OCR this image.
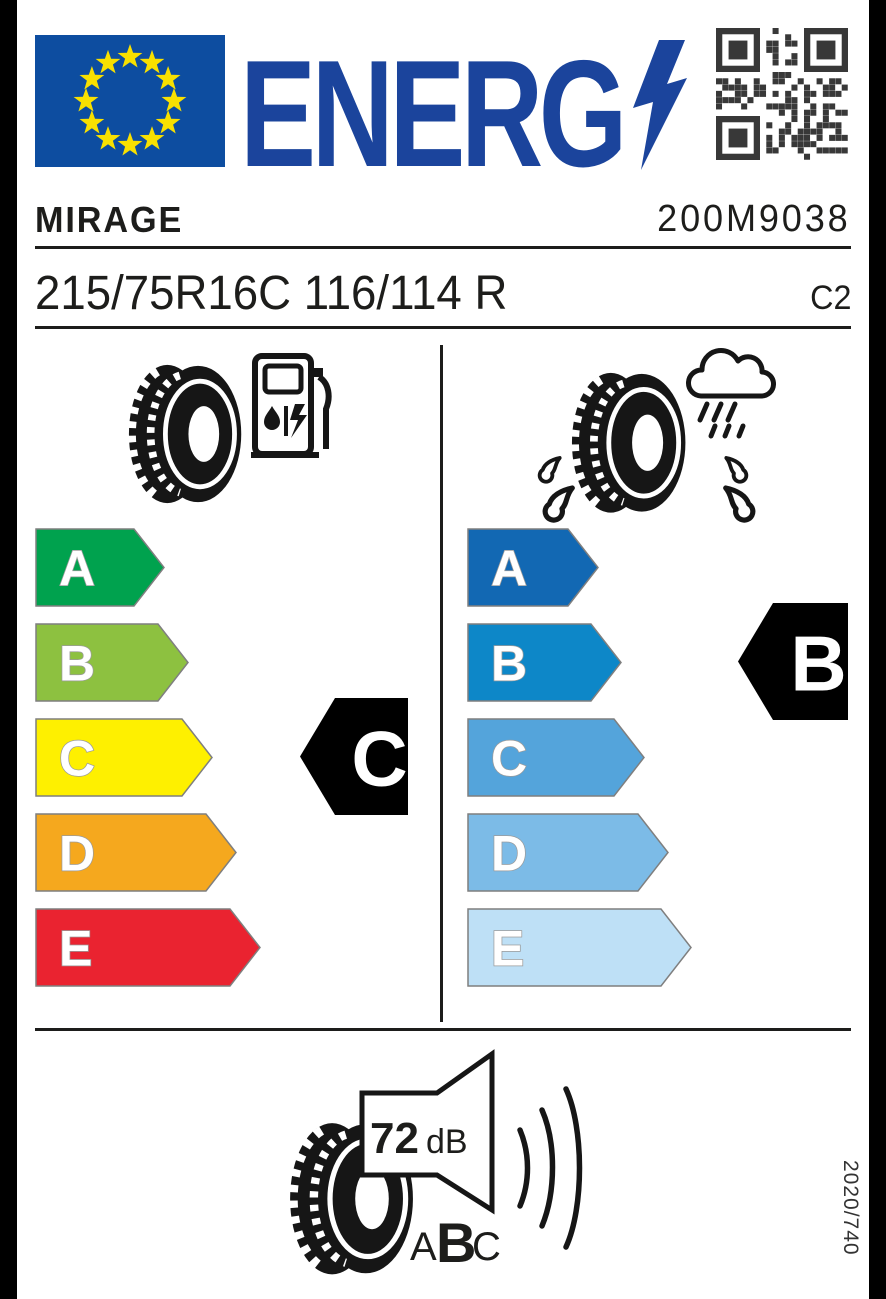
ENERG
MIRAGE	200M9038
215/75R16C 116/114 R	C2
72 dB
A B
C	2020/740
A
B
C
D
E
C
A
B
C
D
E
B
